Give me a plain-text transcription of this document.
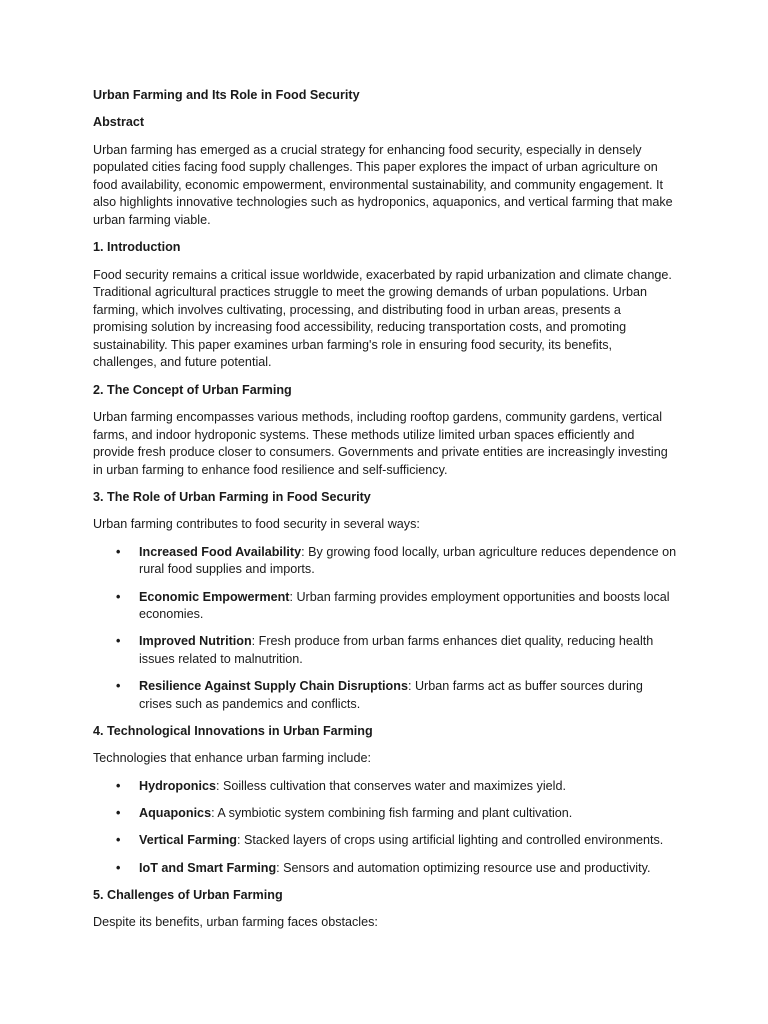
Urban Farming and Its Role in Food Security
Abstract

Urban farming has emerged as a crucial strategy for enhancing food security, especially in densely populated cities facing food supply challenges. This paper explores the impact of urban agriculture on food availability, economic empowerment, environmental sustainability, and community engagement. It also highlights innovative technologies such as hydroponics, aquaponics, and vertical farming that make urban farming viable.

1. Introduction

Food security remains a critical issue worldwide, exacerbated by rapid urbanization and climate change. Traditional agricultural practices struggle to meet the growing demands of urban populations. Urban farming, which involves cultivating, processing, and distributing food in urban areas, presents a promising solution by increasing food accessibility, reducing transportation costs, and promoting sustainability. This paper examines urban farming's role in ensuring food security, its benefits, challenges, and future potential.

2. The Concept of Urban Farming

Urban farming encompasses various methods, including rooftop gardens, community gardens, vertical farms, and indoor hydroponic systems. These methods utilize limited urban spaces efficiently and provide fresh produce closer to consumers. Governments and private entities are increasingly investing in urban farming to enhance food resilience and self-sufficiency.

3. The Role of Urban Farming in Food Security

Urban farming contributes to food security in several ways:

• Increased Food Availability: By growing food locally, urban agriculture reduces dependence on rural food supplies and imports.
• Economic Empowerment: Urban farming provides employment opportunities and boosts local economies.
• Improved Nutrition: Fresh produce from urban farms enhances diet quality, reducing health issues related to malnutrition.
• Resilience Against Supply Chain Disruptions: Urban farms act as buffer sources during crises such as pandemics and conflicts.
4. Technological Innovations in Urban Farming

Technologies that enhance urban farming include:

• Hydroponics: Soilless cultivation that conserves water and maximizes yield.
• Aquaponics: A symbiotic system combining fish farming and plant cultivation.
• Vertical Farming: Stacked layers of crops using artificial lighting and controlled environments.
• IoT and Smart Farming: Sensors and automation optimizing resource use and productivity.
5. Challenges of Urban Farming

Despite its benefits, urban farming faces obstacles:
